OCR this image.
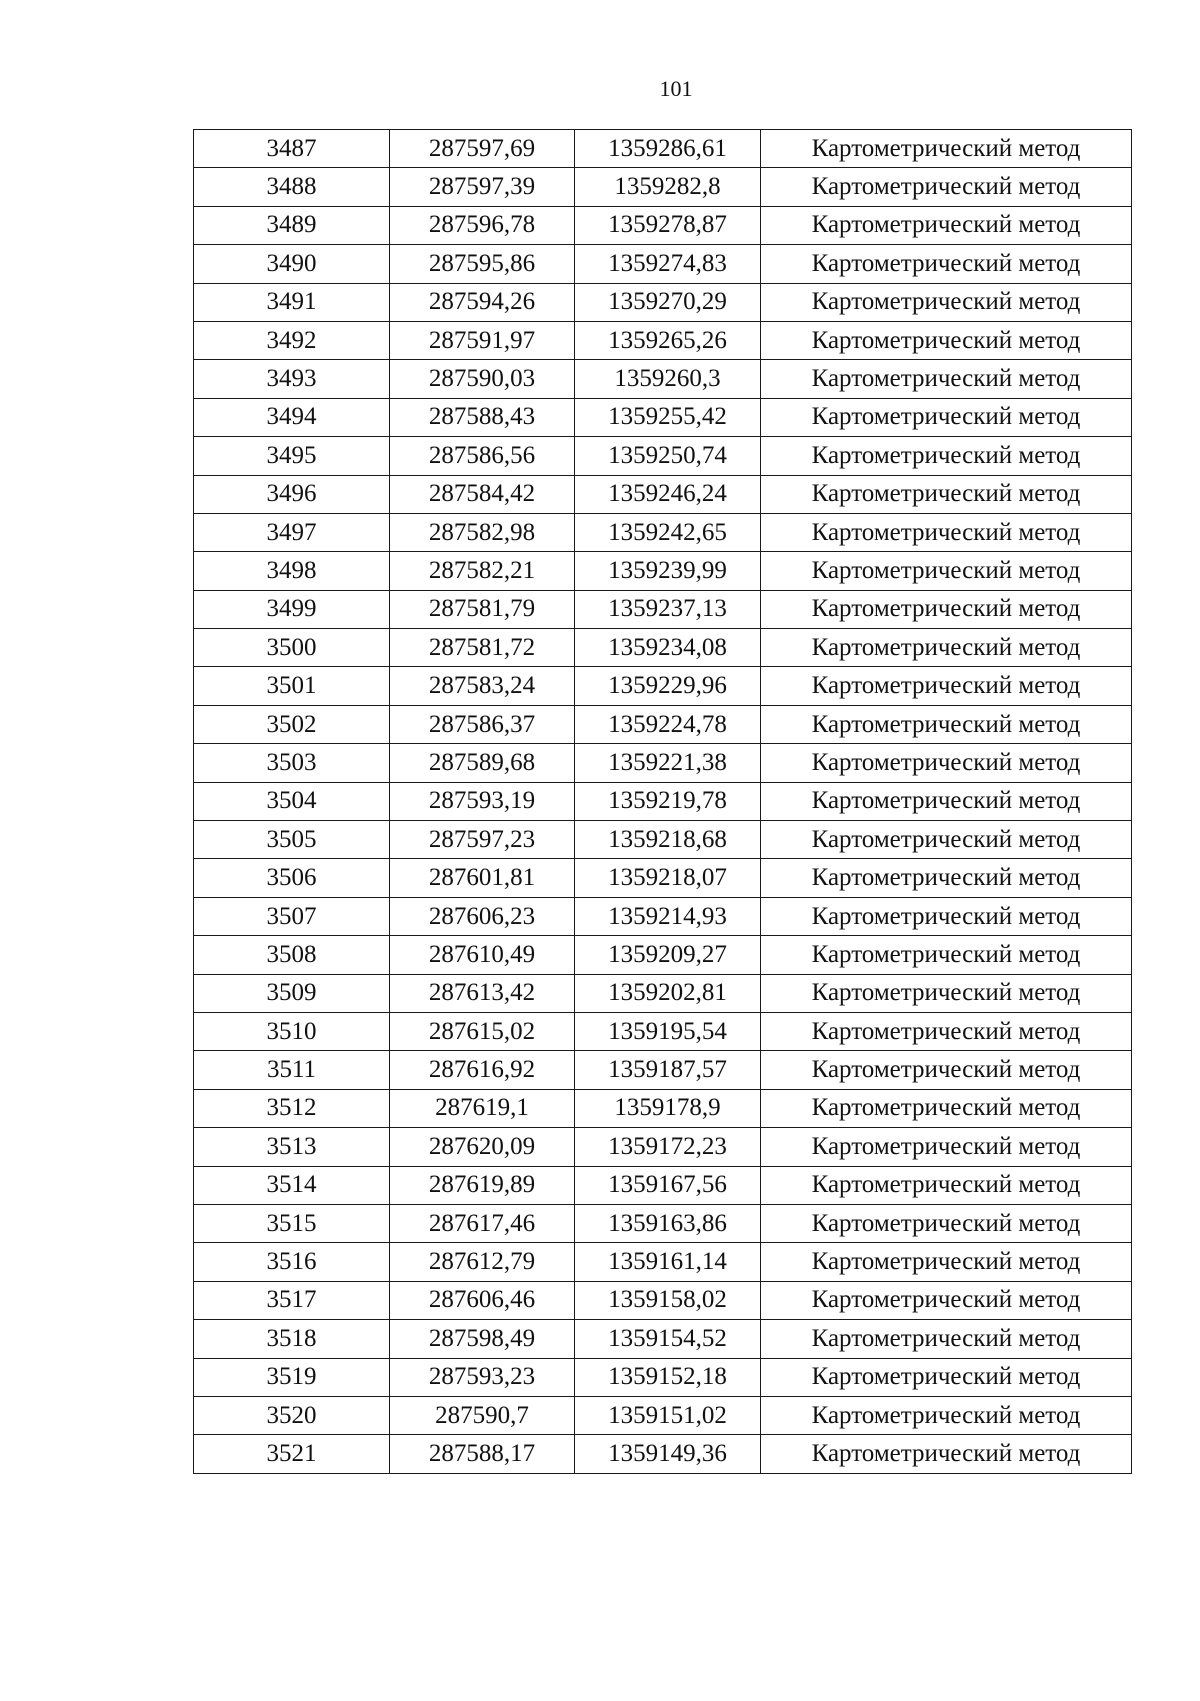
101
3487	287597,69	1359286,61	Картометрический метод
3488	287597,39	1359282,8	Картометрический метод
3489	287596,78	1359278,87	Картометрический метод
3490	287595,86	1359274,83	Картометрический метод
3491	287594,26	1359270,29	Картометрический метод
3492	287591,97	1359265,26	Картометрический метод
3493	287590,03	1359260,3	Картометрический метод
3494	287588,43	1359255,42	Картометрический метод
3495	287586,56	1359250,74	Картометрический метод
3496	287584,42	1359246,24	Картометрический метод
3497	287582,98	1359242,65	Картометрический метод
3498	287582,21	1359239,99	Картометрический метод
3499	287581,79	1359237,13	Картометрический метод
3500	287581,72	1359234,08	Картометрический метод
3501	287583,24	1359229,96	Картометрический метод
3502	287586,37	1359224,78	Картометрический метод
3503	287589,68	1359221,38	Картометрический метод
3504	287593,19	1359219,78	Картометрический метод
3505	287597,23	1359218,68	Картометрический метод
3506	287601,81	1359218,07	Картометрический метод
3507	287606,23	1359214,93	Картометрический метод
3508	287610,49	1359209,27	Картометрический метод
3509	287613,42	1359202,81	Картометрический метод
3510	287615,02	1359195,54	Картометрический метод
3511	287616,92	1359187,57	Картометрический метод
3512	287619,1	1359178,9	Картометрический метод
3513	287620,09	1359172,23	Картометрический метод
3514	287619,89	1359167,56	Картометрический метод
3515	287617,46	1359163,86	Картометрический метод
3516	287612,79	1359161,14	Картометрический метод
3517	287606,46	1359158,02	Картометрический метод
3518	287598,49	1359154,52	Картометрический метод
3519	287593,23	1359152,18	Картометрический метод
3520	287590,7	1359151,02	Картометрический метод
3521	287588,17	1359149,36	Картометрический метод
